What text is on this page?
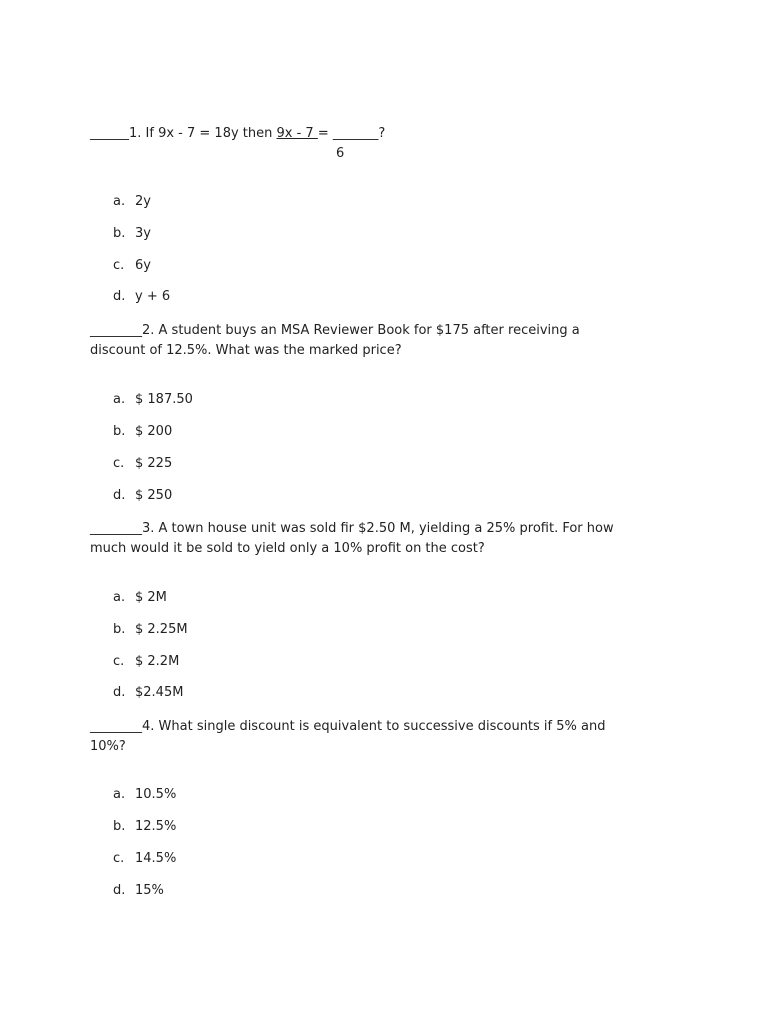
______1. If 9x - 7 = 18y then 9x - 7 = _______?
6
a. 2y
b. 3y
c. 6y
d. y + 6
________2. A student buys an MSA Reviewer Book for $175 after receiving a
discount of 12.5%. What was the marked price?
a. $ 187.50
b. $ 200
c. $ 225
d. $ 250
________3. A town house unit was sold fir $2.50 M, yielding a 25% profit. For how
much would it be sold to yield only a 10% profit on the cost?
a. $ 2M
b. $ 2.25M
c. $ 2.2M
d. $2.45M
________4. What single discount is equivalent to successive discounts if 5% and
10%?
a. 10.5%
b. 12.5%
c. 14.5%
d. 15%
